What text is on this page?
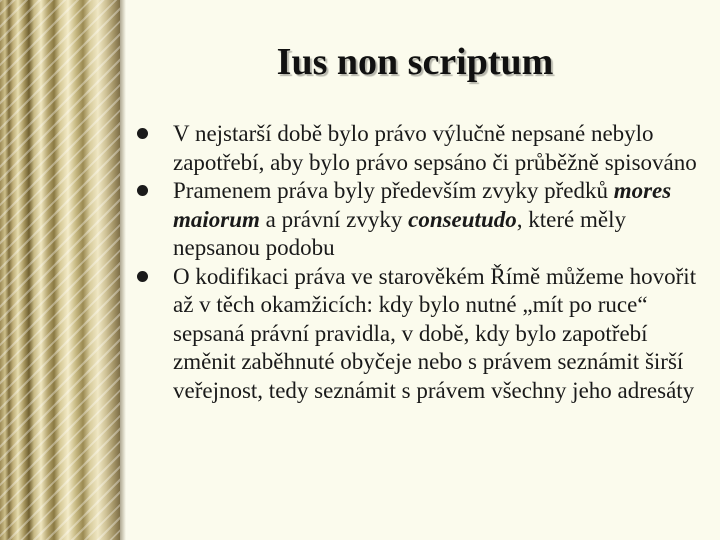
Ius non scriptum
V nejstarší době bylo právo výlučně nepsané nebylo zapotřebí, aby bylo právo sepsáno či průběžně spisováno
Pramenem práva byly především zvyky předků mores maiorum a právní zvyky conseutudo, které měly nepsanou podobu
O kodifikaci práva ve starověkém Římě můžeme hovořit až v těch okamžicích: kdy bylo nutné „mít po ruce“ sepsaná právní pravidla, v době, kdy bylo zapotřebí změnit zaběhnuté obyčeje nebo s právem seznámit širší veřejnost, tedy seznámit s právem všechny jeho adresáty
